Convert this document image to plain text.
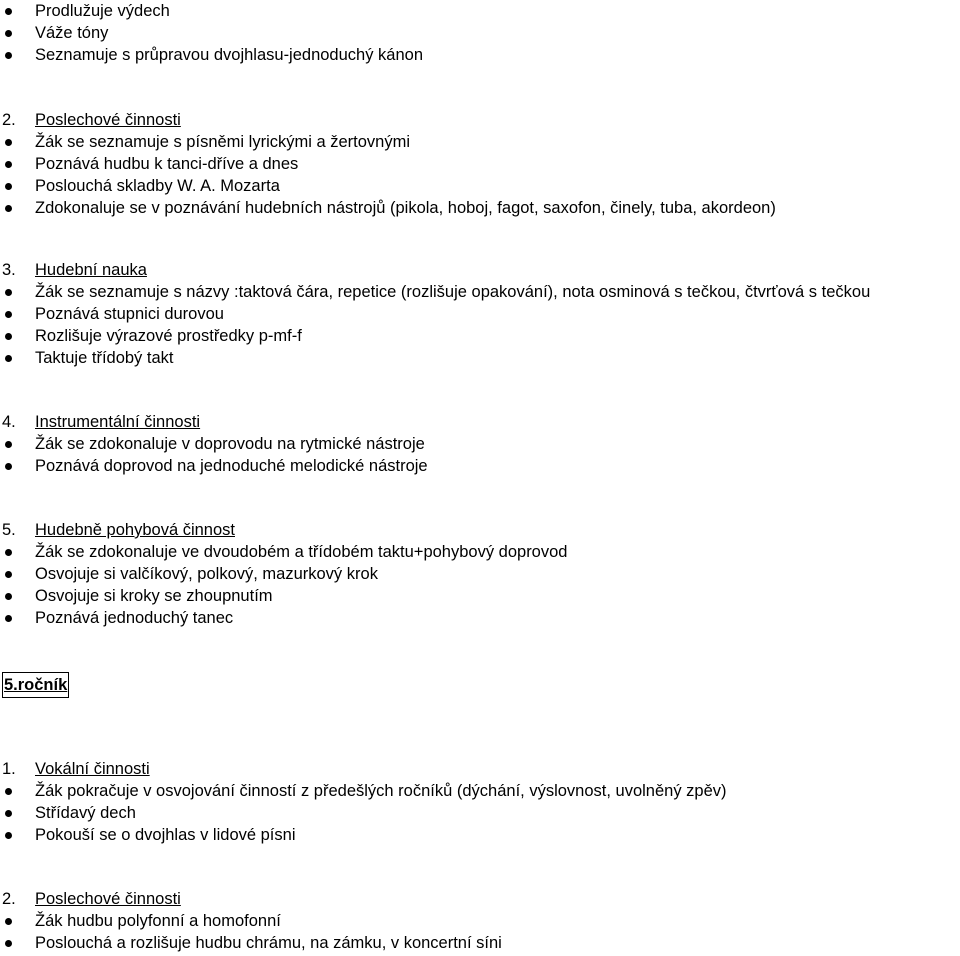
Prodlužuje výdech
Váže tóny
Seznamuje s průpravou dvojhlasu-jednoduchý kánon
2. Poslechové činnosti
Žák se seznamuje s písněmi lyrickými a žertovnými
Poznává hudbu k tanci-dříve a dnes
Poslouchá skladby W. A. Mozarta
Zdokonaluje se v poznávání hudebních nástrojů (pikola, hoboj, fagot, saxofon, činely, tuba, akordeon)
3. Hudební nauka
Žák se seznamuje s názvy :taktová čára, repetice (rozlišuje opakování), nota osminová s tečkou, čtvrťová s tečkou
Poznává stupnici durovou
Rozlišuje výrazové prostředky p-mf-f
Taktuje třídobý takt
4. Instrumentální činnosti
Žák se zdokonaluje v doprovodu na rytmické nástroje
Poznává doprovod na jednoduché melodické nástroje
5. Hudebně pohybová činnost
Žák se zdokonaluje ve dvoudobém a třídobém taktu+pohybový doprovod
Osvojuje si valčíkový, polkový, mazurkový krok
Osvojuje si kroky se zhoupnutím
Poznává jednoduchý tanec
5.ročník
1. Vokální činnosti
Žák pokračuje v osvojování činností z předešlých ročníků (dýchání, výslovnost, uvolněný zpěv)
Střídavý dech
Pokouší se o dvojhlas v lidové písni
2. Poslechové činnosti
Žák hudbu polyfonní a homofonní
Poslouchá a rozlišuje hudbu chrámu, na zámku, v koncertní síni
